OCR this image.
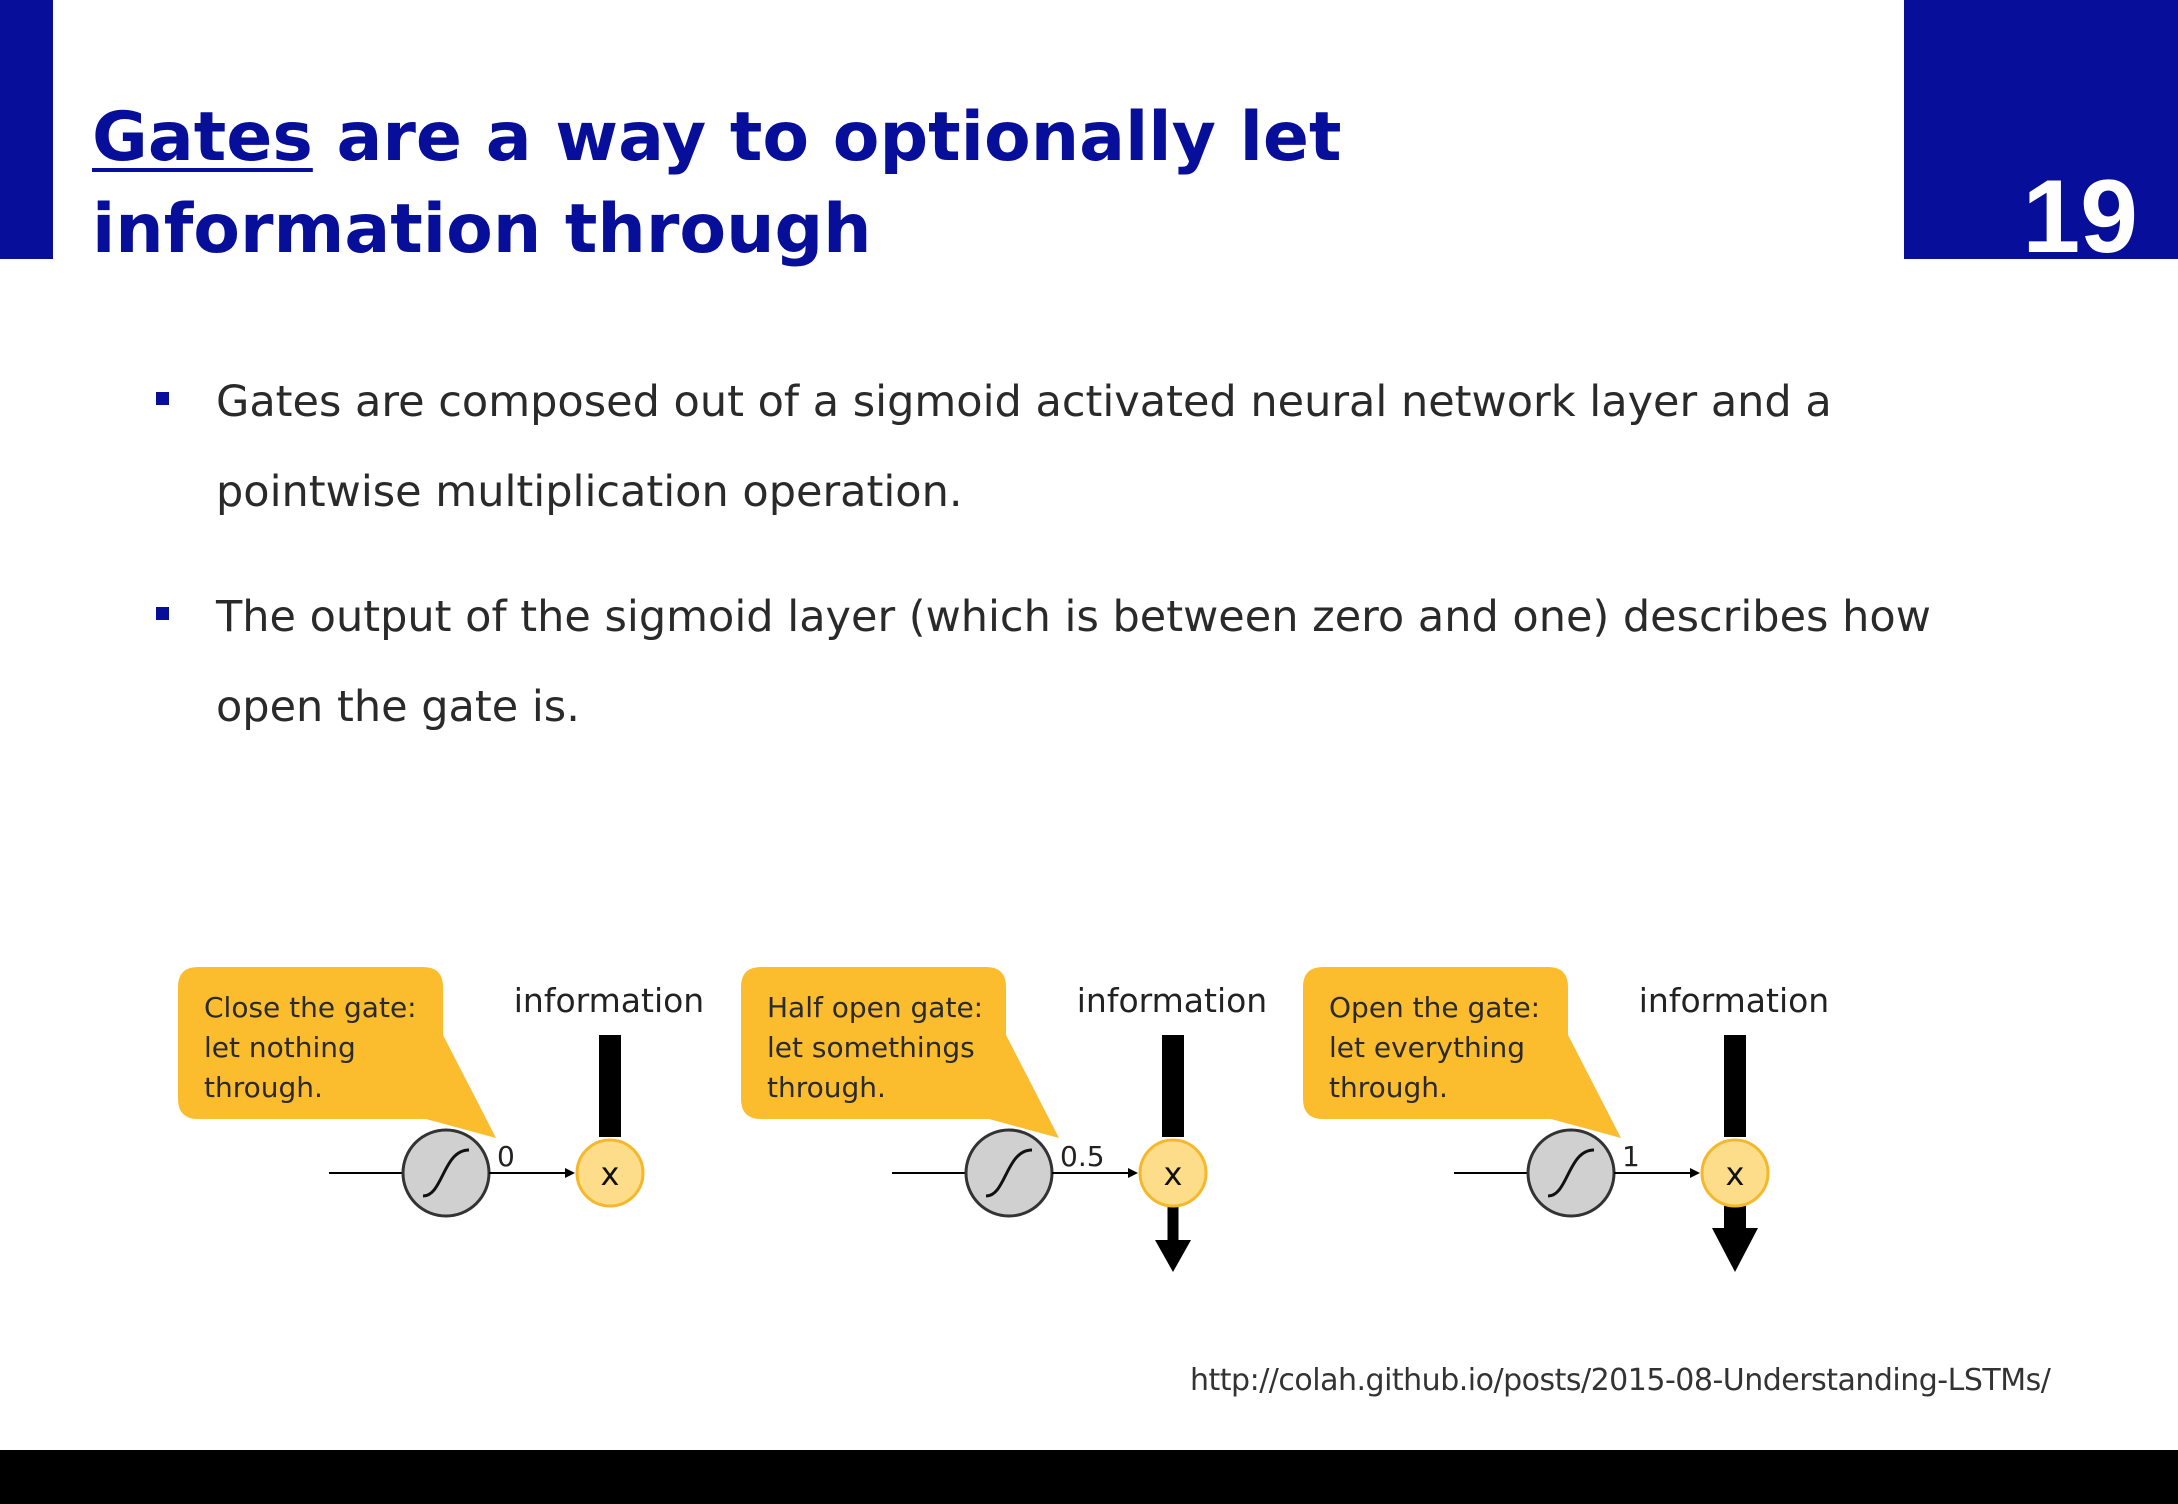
19
Gates are a way to optionally let information through
Gates are composed out of a sigmoid activated neural network layer and a pointwise multiplication operation.
The output of the sigmoid layer (which is between zero and one) describes how open the gate is.
Close the gate:
let nothing
through.
information
0	x
Half open gate:
let somethings
through.
information
0.5 x
Open the gate:
let everything
through.
information
1	x
http://colah.github.io/posts/2015-08-Understanding-LSTMs/
